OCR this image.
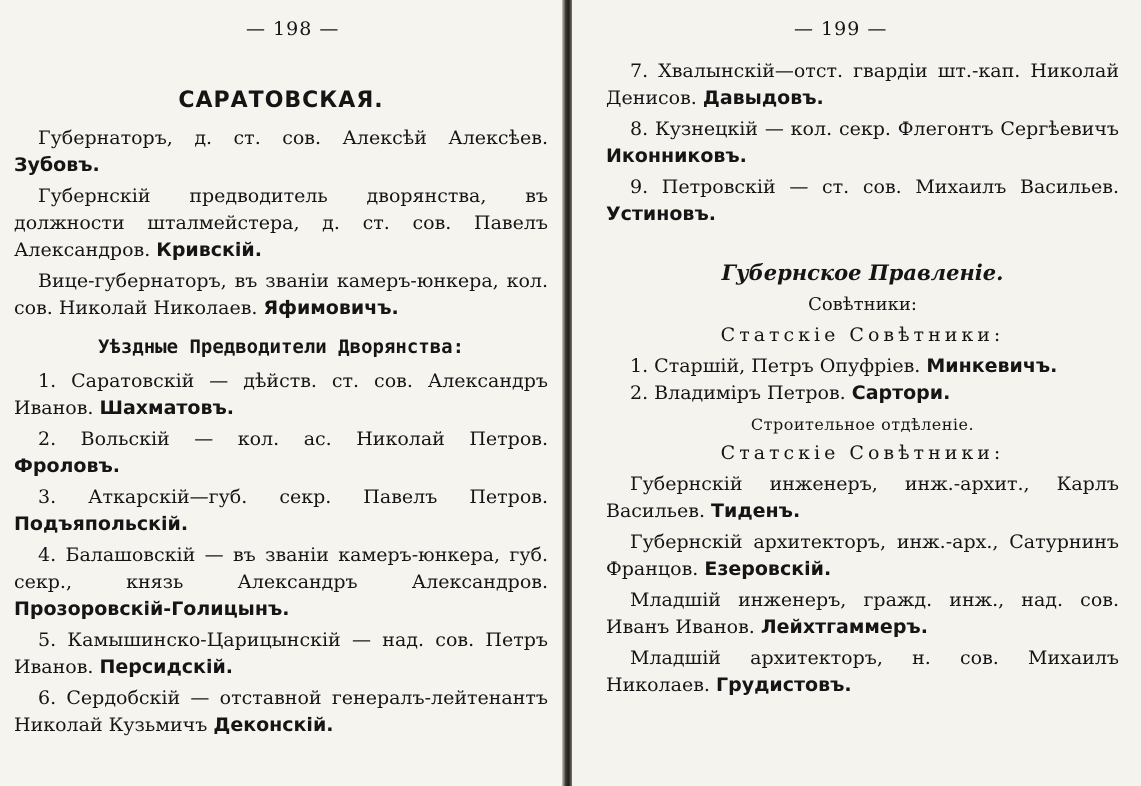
— 198 —
САРАТОВСКАЯ.

Губернаторъ, д. ст. сов. Алексѣй Алексѣев. Зубовъ.

Губернскій предводитель дворянства, въ должности шталмейстера, д. ст. сов. Павелъ Александров. Кривскій.

Вице-губернаторъ, въ званіи камеръ-юнкера, кол. сов. Николай Николаев. Яфимовичъ.

Уѣздные Предводители Дворянства:

1. Саратовскій — дѣйств. ст. сов. Александръ Иванов. Шахматовъ.

2. Вольскій — кол. ас. Николай Петров. Фроловъ.

3. Аткарскій—губ. секр. Павелъ Петров. Подъяпольскій.

4. Балашовскій — въ званіи камеръ-юнкера, губ. секр., князь Александръ Александров. Прозоровскій-Голицынъ.

5. Камышинско-Царицынскій — над. сов. Петръ Иванов. Персидскій.

6. Сердобскій — отставной генералъ-лейтенантъ Николай Кузьмичъ Деконскій.

— 199 —

7. Хвалынскій—отст. гвардіи шт.-кап. Николай Денисов. Давыдовъ.

8. Кузнецкій — кол. секр. Флегонтъ Сергѣевичъ Иконниковъ.

9. Петровскій — ст. сов. Михаилъ Васильев. Устиновъ.

Губернское Правленіе.
Совѣтники:
Статскіе Совѣтники:
1. Старшій, Петръ Опуфріев. Минкевичъ.
2. Владиміръ Петров. Сартори.
Строительное отдѣленіе.
Статскіе Совѣтники:

Губернскій инженеръ, инж.-архит., Карлъ Васильев. Тиденъ.

Губернскій архитекторъ, инж.-арх., Сатурнинъ Францов. Езеровскій.

Младшій инженеръ, гражд. инж., над. сов. Иванъ Иванов. Лейхтгаммеръ.

Младшій архитекторъ, н. сов. Михаилъ Николаев. Грудистовъ.
